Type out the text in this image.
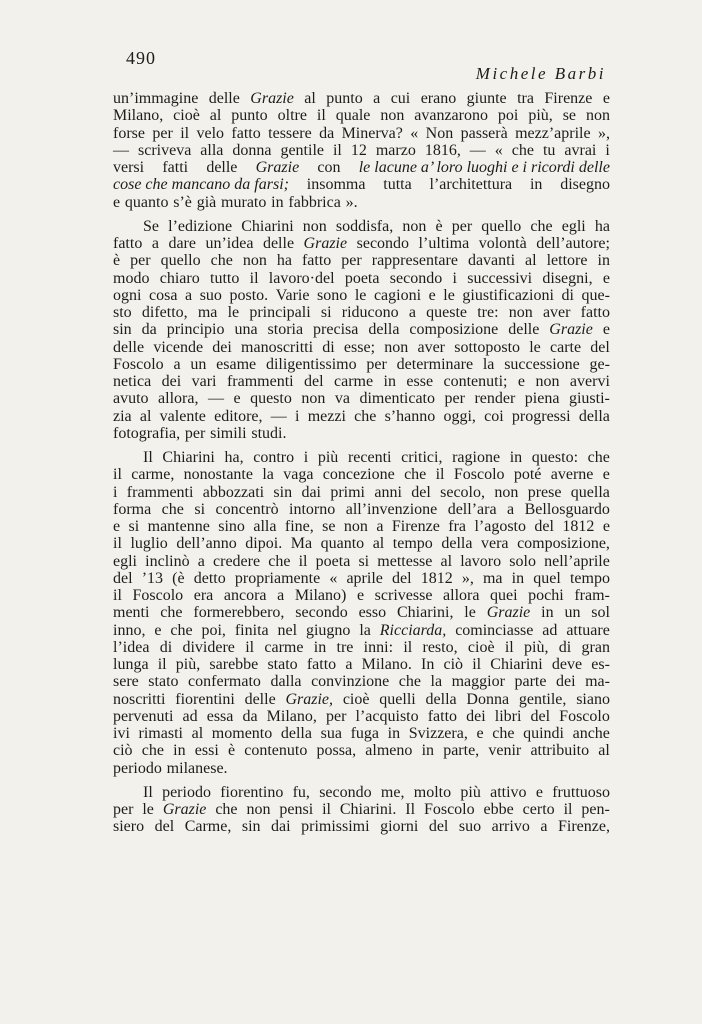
490
Michele Barbi
un’immagine delle Grazie al punto a cui erano giunte tra Firenze e
Milano, cioè al punto oltre il quale non avanzarono poi più, se non
forse per il velo fatto tessere da Minerva? « Non passerà mezz’aprile »,
— scriveva alla donna gentile il 12 marzo 1816, — « che tu avrai i
versi fatti delle Grazie con le lacune a’ loro luoghi e i ricordi delle
cose che mancano da farsi; insomma tutta l’architettura in disegno
e quanto s’è già murato in fabbrica ».
Se l’edizione Chiarini non soddisfa, non è per quello che egli ha
fatto a dare un’idea delle Grazie secondo l’ultima volontà dell’autore;
è per quello che non ha fatto per rappresentare davanti al lettore in
modo chiaro tutto il lavoro·del poeta secondo i successivi disegni, e
ogni cosa a suo posto. Varie sono le cagioni e le giustificazioni di que-
sto difetto, ma le principali si riducono a queste tre: non aver fatto
sin da principio una storia precisa della composizione delle Grazie e
delle vicende dei manoscritti di esse; non aver sottoposto le carte del
Foscolo a un esame diligentissimo per determinare la successione ge-
netica dei vari frammenti del carme in esse contenuti; e non avervi
avuto allora, — e questo non va dimenticato per render piena giusti-
zia al valente editore, — i mezzi che s’hanno oggi, coi progressi della
fotografia, per simili studi.
Il Chiarini ha, contro i più recenti critici, ragione in questo: che
il carme, nonostante la vaga concezione che il Foscolo poté averne e
i frammenti abbozzati sin dai primi anni del secolo, non prese quella
forma che si concentrò intorno all’invenzione dell’ara a Bellosguardo
e si mantenne sino alla fine, se non a Firenze fra l’agosto del 1812 e
il luglio dell’anno dipoi. Ma quanto al tempo della vera composizione,
egli inclinò a credere che il poeta si mettesse al lavoro solo nell’aprile
del ’13 (è detto propriamente « aprile del 1812 », ma in quel tempo
il Foscolo era ancora a Milano) e scrivesse allora quei pochi fram-
menti che formerebbero, secondo esso Chiarini, le Grazie in un sol
inno, e che poi, finita nel giugno la Ricciarda, cominciasse ad attuare
l’idea di dividere il carme in tre inni: il resto, cioè il più, di gran
lunga il più, sarebbe stato fatto a Milano. In ciò il Chiarini deve es-
sere stato confermato dalla convinzione che la maggior parte dei ma-
noscritti fiorentini delle Grazie, cioè quelli della Donna gentile, siano
pervenuti ad essa da Milano, per l’acquisto fatto dei libri del Foscolo
ivi rimasti al momento della sua fuga in Svizzera, e che quindi anche
ciò che in essi è contenuto possa, almeno in parte, venir attribuito al
periodo milanese.
Il periodo fiorentino fu, secondo me, molto più attivo e fruttuoso
per le Grazie che non pensi il Chiarini. Il Foscolo ebbe certo il pen-
siero del Carme, sin dai primissimi giorni del suo arrivo a Firenze,
